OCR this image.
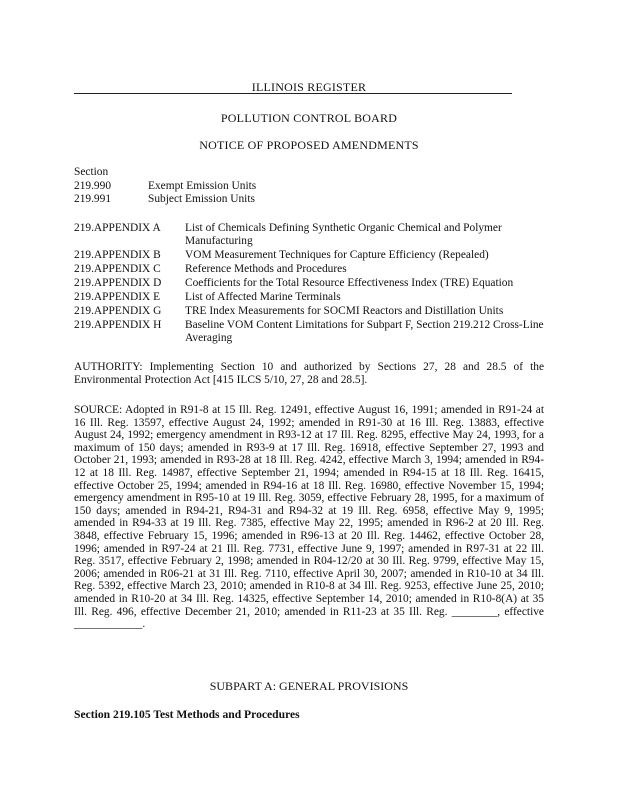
ILLINOIS REGISTER
POLLUTION CONTROL BOARD
NOTICE OF PROPOSED AMENDMENTS
Section
219.990	Exempt Emission Units
219.991	Subject Emission Units
219.APPENDIX A List of Chemicals Defining Synthetic Organic Chemical and Polymer Manufacturing
219.APPENDIX B VOM Measurement Techniques for Capture Efficiency (Repealed)
219.APPENDIX C Reference Methods and Procedures
219.APPENDIX D Coefficients for the Total Resource Effectiveness Index (TRE) Equation
219.APPENDIX E List of Affected Marine Terminals
219.APPENDIX G TRE Index Measurements for SOCMI Reactors and Distillation Units
219.APPENDIX H Baseline VOM Content Limitations for Subpart F, Section 219.212 Cross-Line Averaging
AUTHORITY: Implementing Section 10 and authorized by Sections 27, 28 and 28.5 of the Environmental Protection Act [415 ILCS 5/10, 27, 28 and 28.5].
SOURCE: Adopted in R91-8 at 15 Ill. Reg. 12491, effective August 16, 1991; amended in R91-24 at 16 Ill. Reg. 13597, effective August 24, 1992; amended in R91-30 at 16 Ill. Reg. 13883, effective August 24, 1992; emergency amendment in R93-12 at 17 Ill. Reg. 8295, effective May 24, 1993, for a maximum of 150 days; amended in R93-9 at 17 Ill. Reg. 16918, effective September 27, 1993 and October 21, 1993; amended in R93-28 at 18 Ill. Reg. 4242, effective March 3, 1994; amended in R94-12 at 18 Ill. Reg. 14987, effective September 21, 1994; amended in R94-15 at 18 Ill. Reg. 16415, effective October 25, 1994; amended in R94-16 at 18 Ill. Reg. 16980, effective November 15, 1994; emergency amendment in R95-10 at 19 Ill. Reg. 3059, effective February 28, 1995, for a maximum of 150 days; amended in R94-21, R94-31 and R94-32 at 19 Ill. Reg. 6958, effective May 9, 1995; amended in R94-33 at 19 Ill. Reg. 7385, effective May 22, 1995; amended in R96-2 at 20 Ill. Reg. 3848, effective February 15, 1996; amended in R96-13 at 20 Ill. Reg. 14462, effective October 28, 1996; amended in R97-24 at 21 Ill. Reg. 7731, effective June 9, 1997; amended in R97-31 at 22 Ill. Reg. 3517, effective February 2, 1998; amended in R04-12/20 at 30 Ill. Reg. 9799, effective May 15, 2006; amended in R06-21 at 31 Ill. Reg. 7110, effective April 30, 2007; amended in R10-10 at 34 Ill. Reg. 5392, effective March 23, 2010; amended in R10-8 at 34 Ill. Reg. 9253, effective June 25, 2010; amended in R10-20 at 34 Ill. Reg. 14325, effective September 14, 2010; amended in R10-8(A) at 35 Ill. Reg. 496, effective December 21, 2010; amended in R11-23 at 35 Ill. Reg. ________, effective ____________.
SUBPART A: GENERAL PROVISIONS
Section 219.105 Test Methods and Procedures
